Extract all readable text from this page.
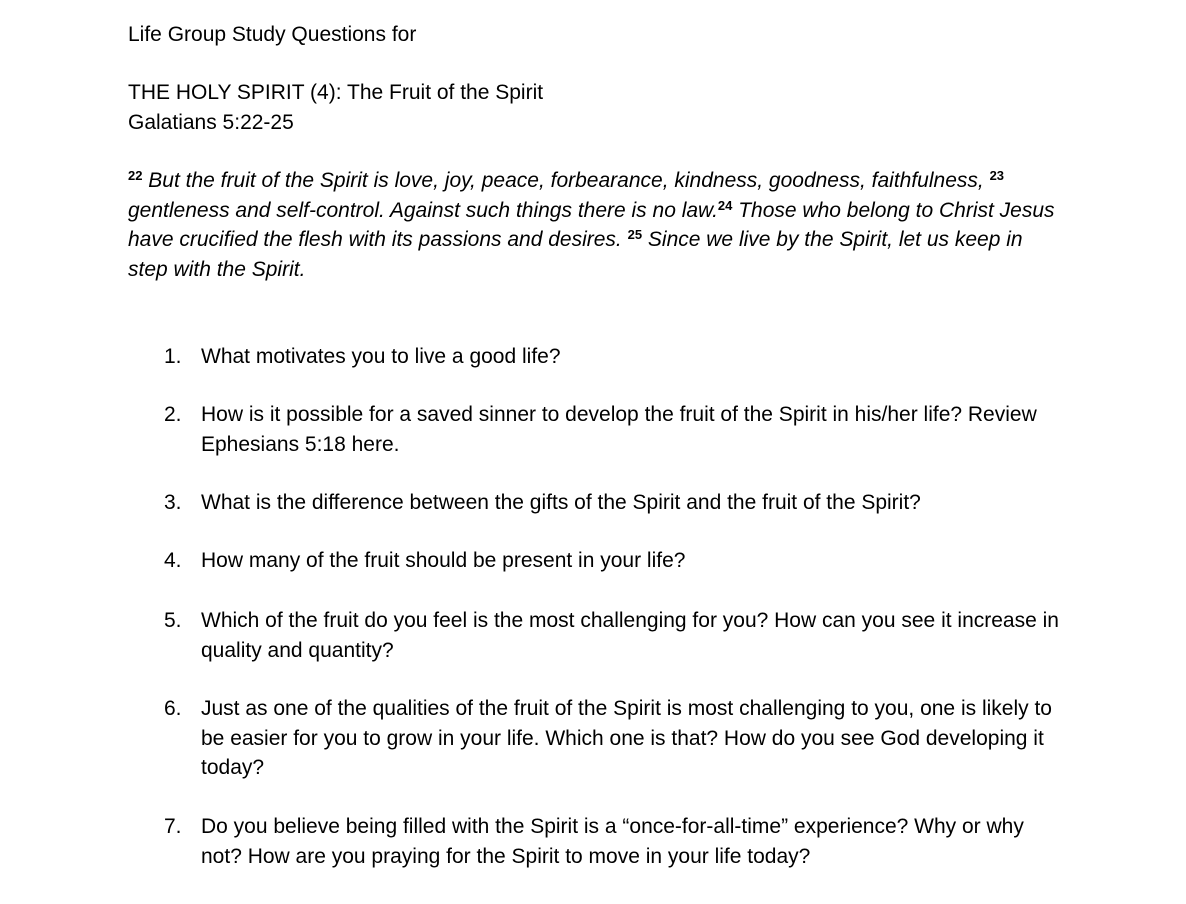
Life Group Study Questions for
THE HOLY SPIRIT (4): The Fruit of the Spirit
Galatians 5:22-25
$^{22}$ But the fruit of the Spirit is love, joy, peace, forbearance, kindness, goodness, faithfulness, $^{23}$ gentleness and self-control. Against such things there is no law.$^{24}$ Those who belong to Christ Jesus have crucified the flesh with its passions and desires. $^{25}$ Since we live by the Spirit, let us keep in step with the Spirit.
1. What motivates you to live a good life?
2. How is it possible for a saved sinner to develop the fruit of the Spirit in his/her life? Review Ephesians 5:18 here.
3. What is the difference between the gifts of the Spirit and the fruit of the Spirit?
4. How many of the fruit should be present in your life?
5. Which of the fruit do you feel is the most challenging for you? How can you see it increase in quality and quantity?
6. Just as one of the qualities of the fruit of the Spirit is most challenging to you, one is likely to be easier for you to grow in your life. Which one is that? How do you see God developing it today?
7. Do you believe being filled with the Spirit is a “once-for-all-time” experience? Why or why not? How are you praying for the Spirit to move in your life today?
